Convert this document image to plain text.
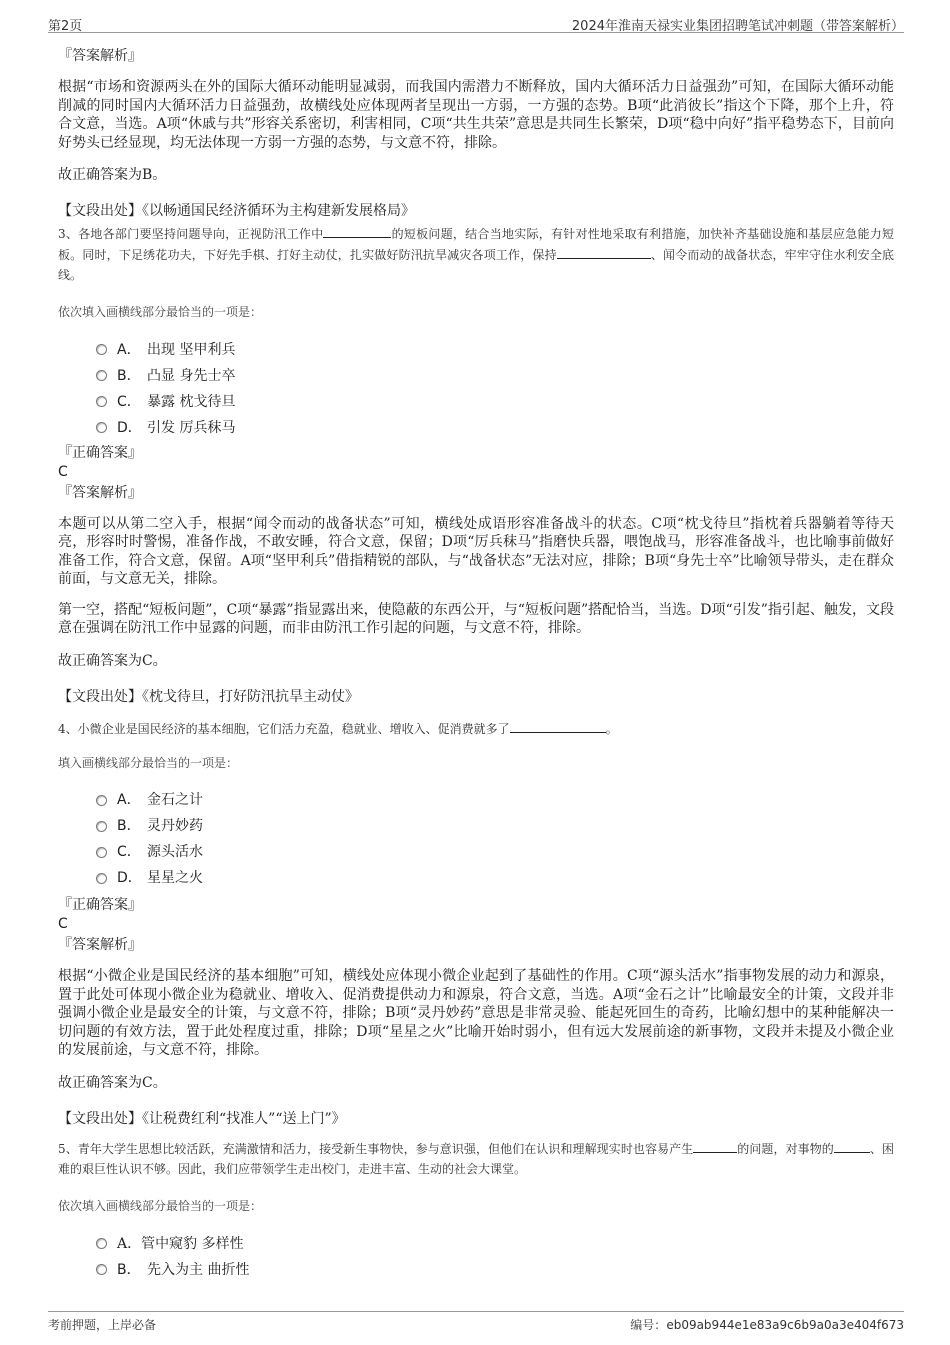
第2页	2024年淮南天禄实业集团招聘笔试冲刺题（带答案解析）
『答案解析』

根据“市场和资源两头在外的国际大循环动能明显减弱，而我国内需潜力不断释放，国内大循环活力日益强劲”可知，在国际大循环动能削减的同时国内大循环活力日益强劲，故横线处应体现两者呈现出一方弱，一方强的态势。B项“此消彼长”指这个下降，那个上升，符合文意，当选。A项“休戚与共”形容关系密切，利害相同，C项“共生共荣”意思是共同生长繁荣，D项“稳中向好”指平稳势态下，目前向好势头已经显现，均无法体现一方弱一方强的态势，与文意不符，排除。

故正确答案为B。
【文段出处】《以畅通国民经济循环为主构建新发展格局》
3、各地各部门要坚持问题导向，正视防汛工作中	的短板问题，结合当地实际，有针对性地采取有利措施，加快补齐基础设施和基层应急能力短板。同时，下足绣花功夫，下好先手棋、打好主动仗，扎实做好防汛抗旱减灾各项工作，保持	、闻令而动的战备状态，牢牢守住水利安全底线。
依次填入画横线部分最恰当的一项是：
A． 出现 坚甲利兵
B． 凸显 身先士卒
C． 暴露 枕戈待旦
D． 引发 厉兵秣马
『正确答案』
C
『答案解析』

本题可以从第二空入手，根据“闻令而动的战备状态”可知，横线处成语形容准备战斗的状态。C项“枕戈待旦”指枕着兵器躺着等待天亮，形容时时警惕，准备作战，不敢安睡，符合文意，保留；D项“厉兵秣马”指磨快兵器，喂饱战马，形容准备战斗，也比喻事前做好准备工作，符合文意，保留。A项“坚甲利兵”借指精锐的部队，与“战备状态”无法对应，排除；B项“身先士卒”比喻领导带头，走在群众前面，与文意无关，排除。

第一空，搭配“短板问题”，C项“暴露”指显露出来，使隐蔽的东西公开，与“短板问题”搭配恰当，当选。D项“引发”指引起、触发，文段意在强调在防汛工作中显露的问题，而非由防汛工作引起的问题，与文意不符，排除。

故正确答案为C。
【文段出处】《枕戈待旦，打好防汛抗旱主动仗》
4、小微企业是国民经济的基本细胞，它们活力充盈，稳就业、增收入、促消费就多了	。
填入画横线部分最恰当的一项是：
A． 金石之计
B． 灵丹妙药
C． 源头活水
D． 星星之火
『正确答案』
C
『答案解析』

根据“小微企业是国民经济的基本细胞”可知，横线处应体现小微企业起到了基础性的作用。C项“源头活水”指事物发展的动力和源泉，置于此处可体现小微企业为稳就业、增收入、促消费提供动力和源泉，符合文意，当选。A项“金石之计”比喻最安全的计策，文段并非强调小微企业是最安全的计策，与文意不符，排除；B项“灵丹妙药”意思是非常灵验、能起死回生的奇药，比喻幻想中的某种能解决一切问题的有效方法，置于此处程度过重，排除；D项“星星之火”比喻开始时弱小，但有远大发展前途的新事物，文段并未提及小微企业的发展前途，与文意不符，排除。

故正确答案为C。
【文段出处】《让税费红利“找准人”“送上门”》
5、青年大学生思想比较活跃，充满激情和活力，接受新生事物快，参与意识强，但他们在认识和理解现实时也容易产生	的问题，对事物的	、困难的艰巨性认识不够。因此，我们应带领学生走出校门，走进丰富、生动的社会大课堂。
依次填入画横线部分最恰当的一项是：
A．管中窥豹 多样性
B． 先入为主 曲折性
考前押题，上岸必备	编号：eb09ab944e1e83a9c6b9a0a3e404f673
